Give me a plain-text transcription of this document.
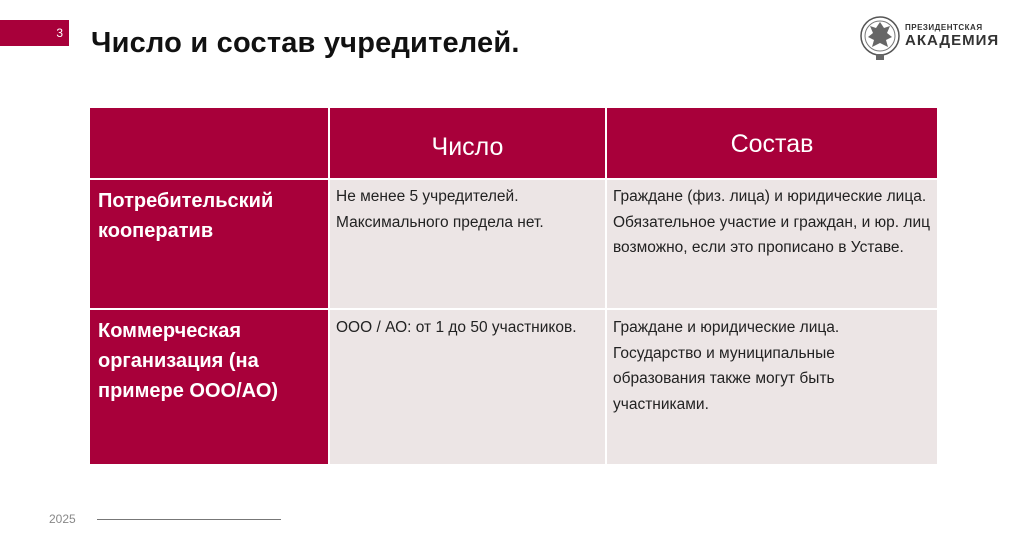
3 Число и состав учредителей.	ПРЕЗИДЕНТСКАЯ
АКАДЕМИЯ

	Число	Состав

Потребительский кооператив	Не менее 5 учредителей. Максимального предела нет.	Граждане (физ. лица) и юридические лица. Обязательное участие и граждан, и юр. лиц возможно, если это прописано в Уставе.
Коммерческая организация (на примере ООО/АО)	ООО / АО: от 1 до 50 участников.	Граждане и юридические лица. Государство и муниципальные образования также могут быть участниками.
2025
